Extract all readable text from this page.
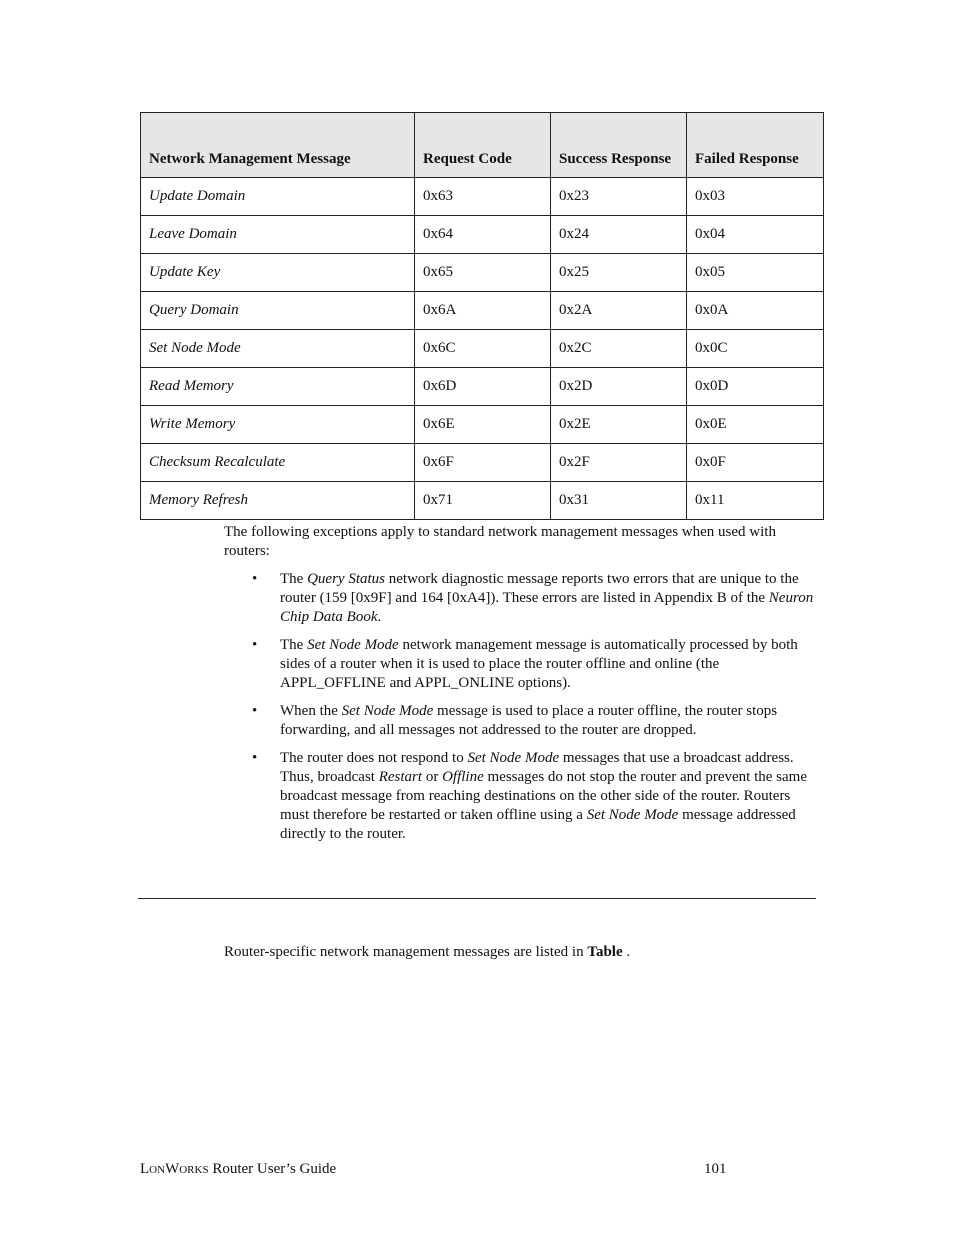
Network Management Message	Request Code	Success Response	Failed Response
Update Domain	0x63	0x23	0x03
Leave Domain	0x64	0x24	0x04
Update Key	0x65	0x25	0x05
Query Domain	0x6A	0x2A	0x0A
Set Node Mode	0x6C	0x2C	0x0C
Read Memory	0x6D	0x2D	0x0D
Write Memory	0x6E	0x2E	0x0E
Checksum Recalculate	0x6F	0x2F	0x0F
Memory Refresh	0x71	0x31	0x11

The following exceptions apply to standard network management messages when used with routers:

• The Query Status network diagnostic message reports two errors that are unique to the router (159 [0x9F] and 164 [0xA4]). These errors are listed in Appendix B of the Neuron Chip Data Book.
• The Set Node Mode network management message is automatically processed by both sides of a router when it is used to place the router offline and online (the APPL_OFFLINE and APPL_ONLINE options).
• When the Set Node Mode message is used to place a router offline, the router stops forwarding, and all messages not addressed to the router are dropped.
• The router does not respond to Set Node Mode messages that use a broadcast address. Thus, broadcast Restart or Offline messages do not stop the router and prevent the same broadcast message from reaching destinations on the other side of the router. Routers must therefore be restarted or taken offline using a Set Node Mode message addressed directly to the router.

Router-specific network management messages are listed in Table .

LONWORKS Router User’s Guide	101
